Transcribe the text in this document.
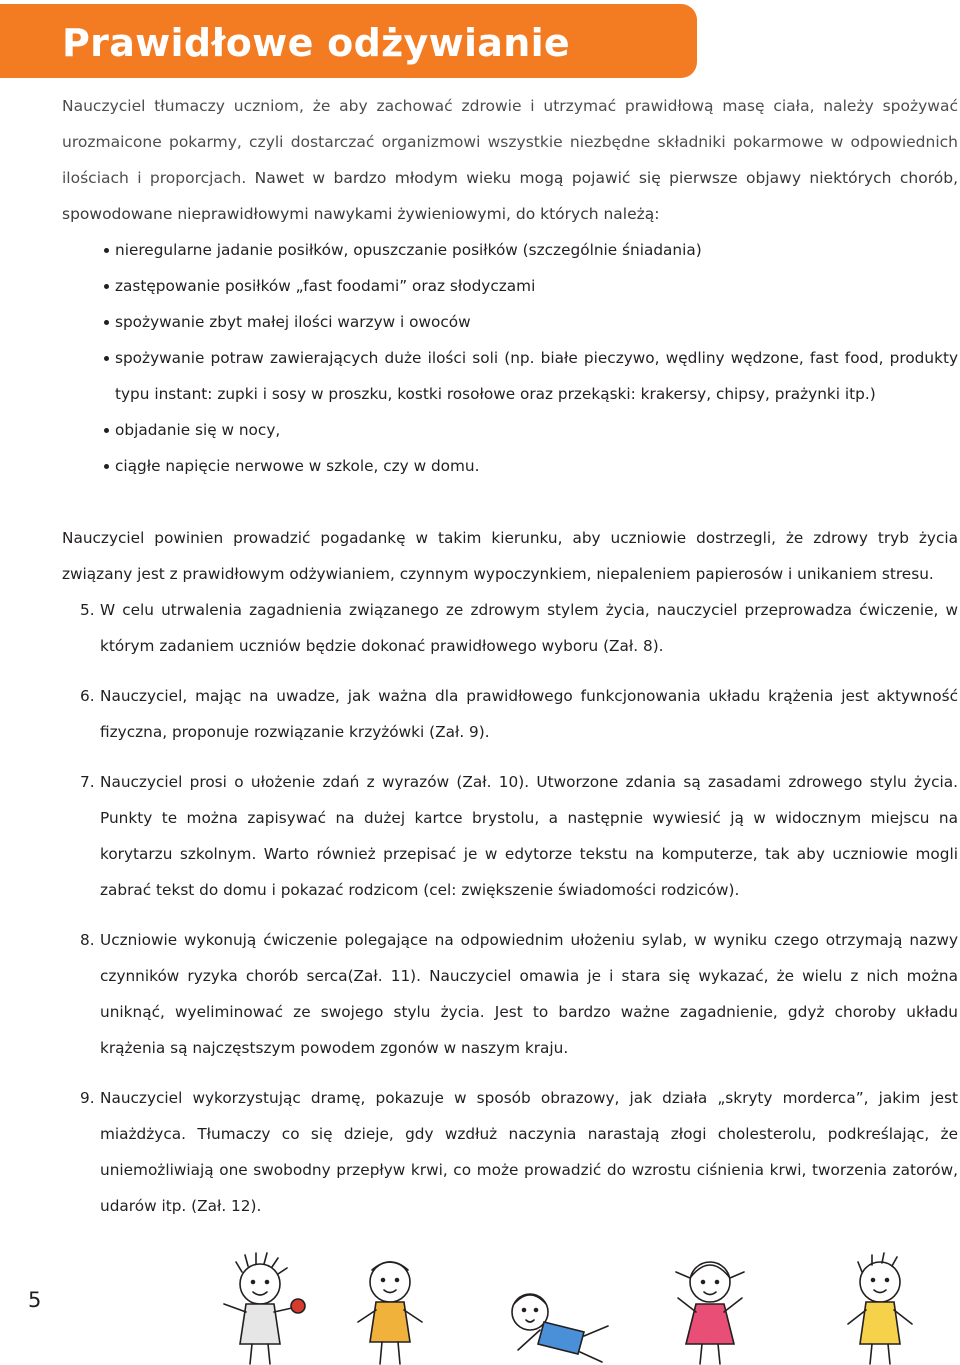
Prawidłowe odżywianie

Nauczyciel tłumaczy uczniom, że aby zachować zdrowie i utrzymać prawidłową masę ciała, należy spożywać urozmaicone pokarmy, czyli dostarczać organizmowi wszystkie niezbędne składniki pokarmowe w odpowiednich ilościach i proporcjach. Nawet w bardzo młodym wieku mogą pojawić się pierwsze objawy niektórych chorób, spowodowane nieprawidłowymi nawykami żywieniowymi, do których należą:

nieregularne jadanie posiłków, opuszczanie posiłków (szczególnie śniadania)
zastępowanie posiłków „fast foodami” oraz słodyczami
spożywanie zbyt małej ilości warzyw i owoców
spożywanie potraw zawierających duże ilości soli (np. białe pieczywo, wędliny wędzone, fast food, produkty typu instant: zupki i sosy w proszku, kostki rosołowe oraz przekąski: krakersy, chipsy, prażynki itp.)
objadanie się w nocy,
ciągłe napięcie nerwowe w szkole, czy w domu.

Nauczyciel powinien prowadzić pogadankę w takim kierunku, aby uczniowie dostrzegli, że zdrowy tryb życia związany jest z prawidłowym odżywianiem, czynnym wypoczynkiem, niepaleniem papierosów i unikaniem stresu.

5. W celu utrwalenia zagadnienia związanego ze zdrowym stylem życia, nauczyciel przeprowadza ćwiczenie, w którym zadaniem uczniów będzie dokonać prawidłowego wyboru (Zał. 8).
6. Nauczyciel, mając na uwadze, jak ważna dla prawidłowego funkcjonowania układu krążenia jest aktywność fizyczna, proponuje rozwiązanie krzyżówki (Zał. 9).
7. Nauczyciel prosi o ułożenie zdań z wyrazów (Zał. 10). Utworzone zdania są zasadami zdrowego stylu życia. Punkty te można zapisywać na dużej kartce brystolu, a następnie wywiesić ją w widocznym miejscu na korytarzu szkolnym. Warto również przepisać je w edytorze tekstu na komputerze, tak aby uczniowie mogli zabrać tekst do domu i pokazać rodzicom (cel: zwiększenie świadomości rodziców).
8. Uczniowie wykonują ćwiczenie polegające na odpowiednim ułożeniu sylab, w wyniku czego otrzymają nazwy czynników ryzyka chorób serca(Zał. 11). Nauczyciel omawia je i stara się wykazać, że wielu z nich można uniknąć, wyeliminować ze swojego stylu życia. Jest to bardzo ważne zagadnienie, gdyż choroby układu krążenia są najczęstszym powodem zgonów w naszym kraju.
9. Nauczyciel wykorzystując dramę, pokazuje w sposób obrazowy, jak działa „skryty morderca”, jakim jest miażdżyca. Tłumaczy co się dzieje, gdy wzdłuż naczynia narastają złogi cholesterolu, podkreślając, że uniemożliwiają one swobodny przepływ krwi, co może prowadzić do wzrostu ciśnienia krwi, tworzenia zatorów, udarów itp. (Zał. 12).
5
